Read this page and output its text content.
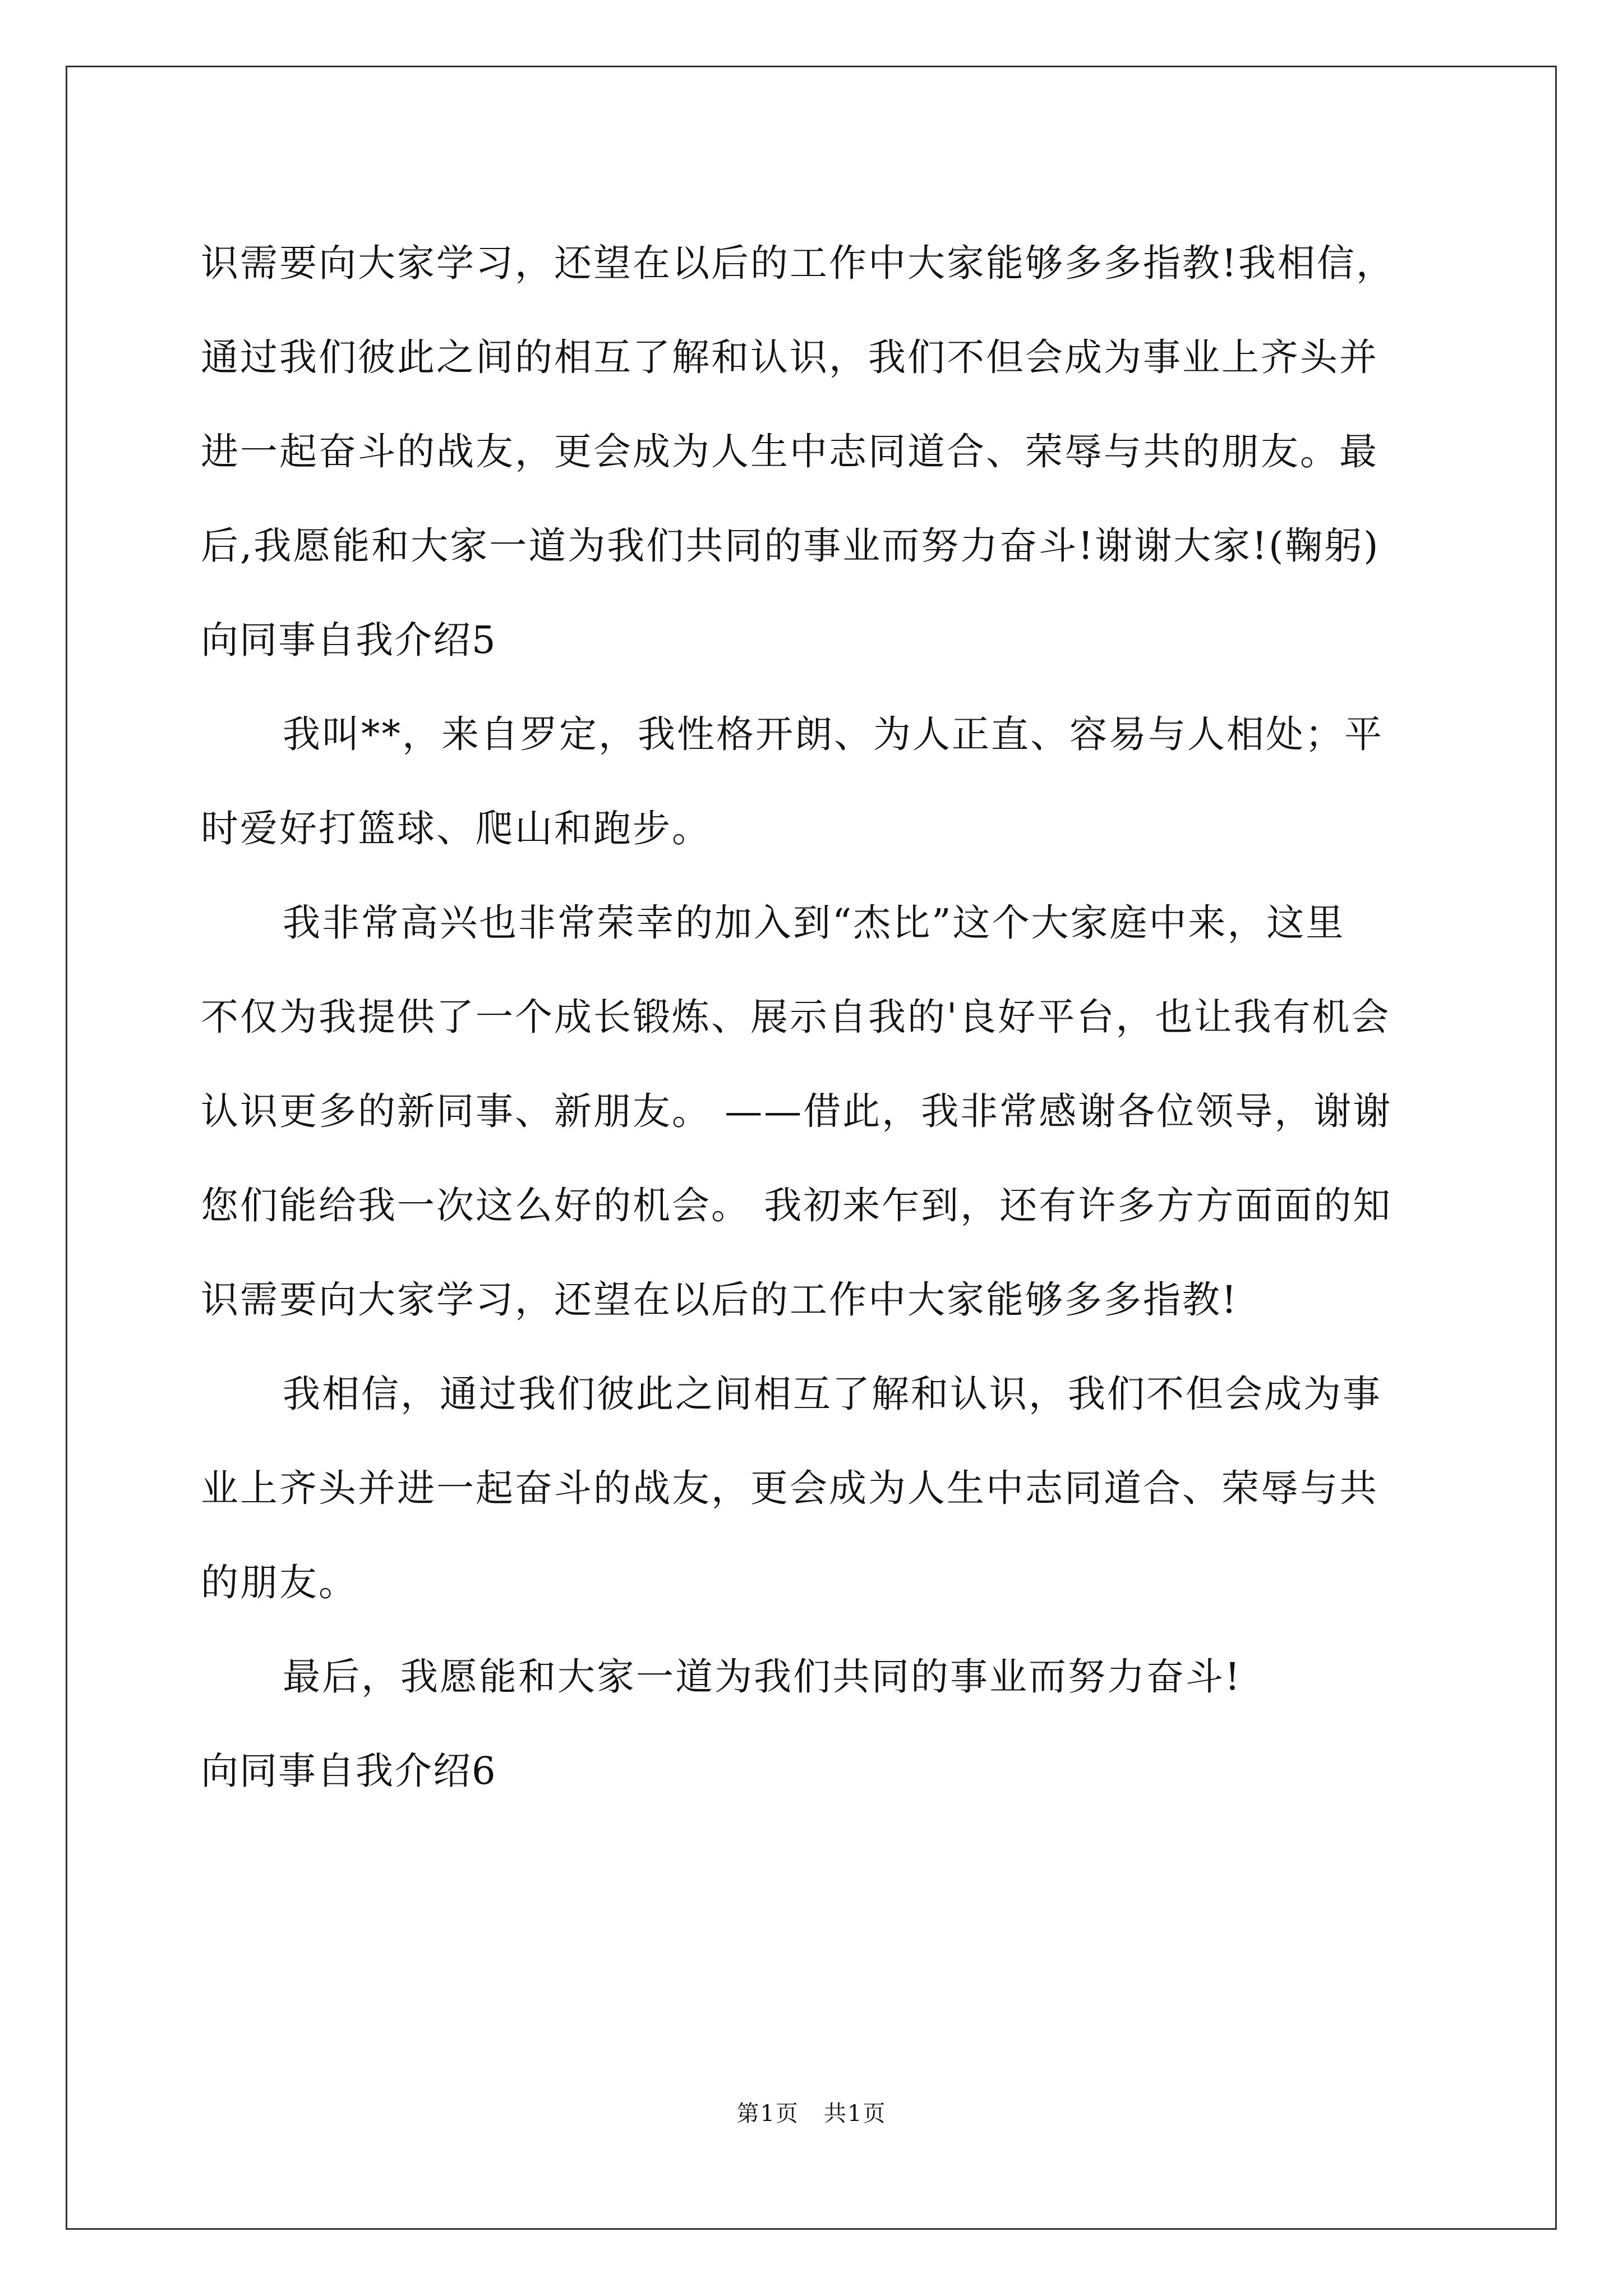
识需要向大家学习，还望在以后的工作中大家能够多多指教!我相信，
通过我们彼此之间的相互了解和认识，我们不但会成为事业上齐头并
进一起奋斗的战友，更会成为人生中志同道合、荣辱与共的朋友。最
后,我愿能和大家一道为我们共同的事业而努力奋斗!谢谢大家!(鞠躬)
向同事自我介绍5
我叫**，来自罗定，我性格开朗、为人正直、容易与人相处；平
时爱好打篮球、爬山和跑步。
我非常高兴也非常荣幸的加入到“杰比”这个大家庭中来，这里
不仅为我提供了一个成长锻炼、展示自我的'良好平台，也让我有机会
认识更多的新同事、新朋友。 ——借此，我非常感谢各位领导，谢谢
您们能给我一次这么好的机会。 我初来乍到，还有许多方方面面的知
识需要向大家学习，还望在以后的工作中大家能够多多指教!
我相信，通过我们彼此之间相互了解和认识，我们不但会成为事
业上齐头并进一起奋斗的战友，更会成为人生中志同道合、荣辱与共
的朋友。
最后，我愿能和大家一道为我们共同的事业而努力奋斗!
向同事自我介绍6
第1页   共1页
